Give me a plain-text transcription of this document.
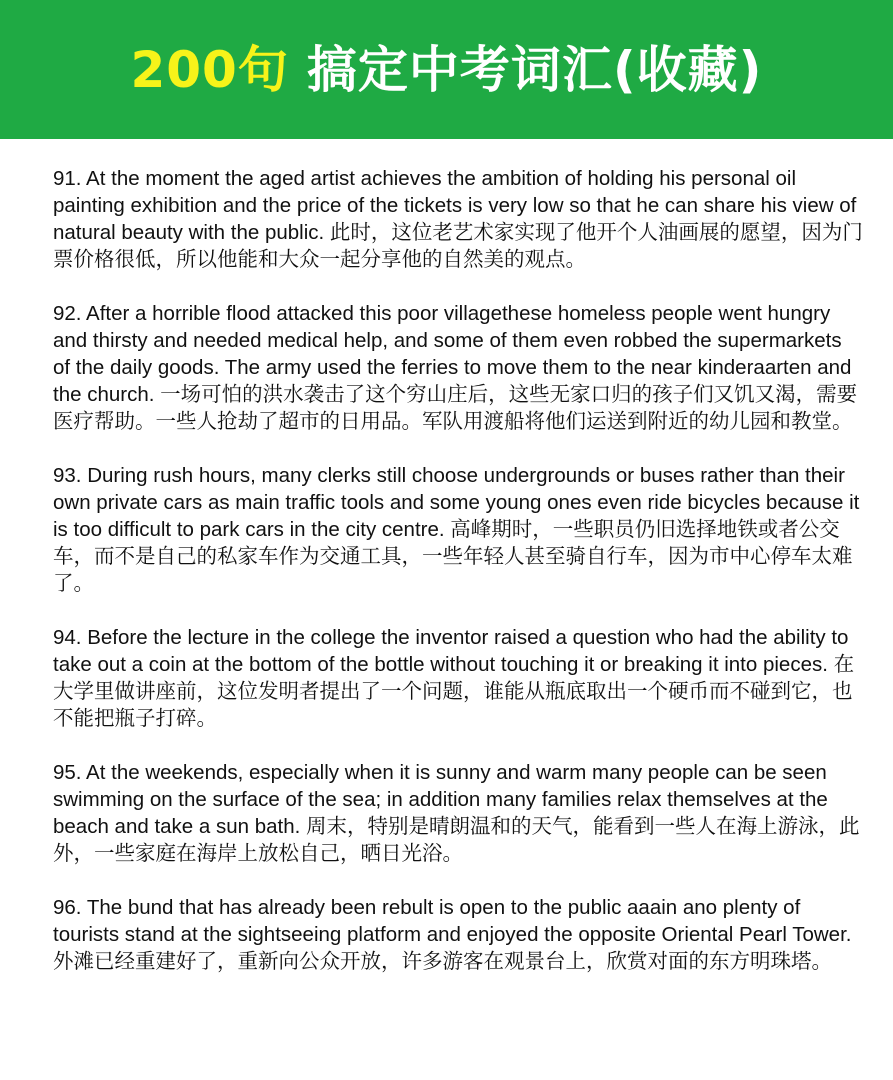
200句 搞定中考词汇(收藏)

91. At the moment the aged artist achieves the ambition of holding his personal oil painting exhibition and the price of the tickets is very low so that he can share his view of natural beauty with the public. 此时，这位老艺术家实现了他开个人油画展的愿望，因为门票价格很低，所以他能和大众一起分享他的自然美的观点。

92. After a horrible flood attacked this poor villagethese homeless people went hungry and thirsty and needed medical help, and some of them even robbed the supermarkets of the daily goods. The army used the ferries to move them to the near kinderaarten and the church. 一场可怕的洪水袭击了这个穷山庄后，这些无家口归的孩子们又饥又渴，需要医疗帮助。一些人抢劫了超市的日用品。军队用渡船将他们运送到附近的幼儿园和教堂。

93. During rush hours, many clerks still choose undergrounds or buses rather than their own private cars as main traffic tools and some young ones even ride bicycles because it is too difficult to park cars in the city centre. 高峰期时，一些职员仍旧选择地铁或者公交车，而不是自己的私家车作为交通工具，一些年轻人甚至骑自行车，因为市中心停车太难了。

94. Before the lecture in the college the inventor raised a question who had the ability to take out a coin at the bottom of the bottle without touching it or breaking it into pieces. 在大学里做讲座前，这位发明者提出了一个问题，谁能从瓶底取出一个硬币而不碰到它，也不能把瓶子打碎。

95. At the weekends, especially when it is sunny and warm many people can be seen swimming on the surface of the sea; in addition many families relax themselves at the beach and take a sun bath. 周末，特别是晴朗温和的天气，能看到一些人在海上游泳，此外，一些家庭在海岸上放松自己，晒日光浴。

96. The bund that has already been rebult is open to the public aaain ano plenty of tourists stand at the sightseeing platform and enjoyed the opposite Oriental Pearl Tower. 外滩已经重建好了，重新向公众开放，许多游客在观景台上，欣赏对面的东方明珠塔。
